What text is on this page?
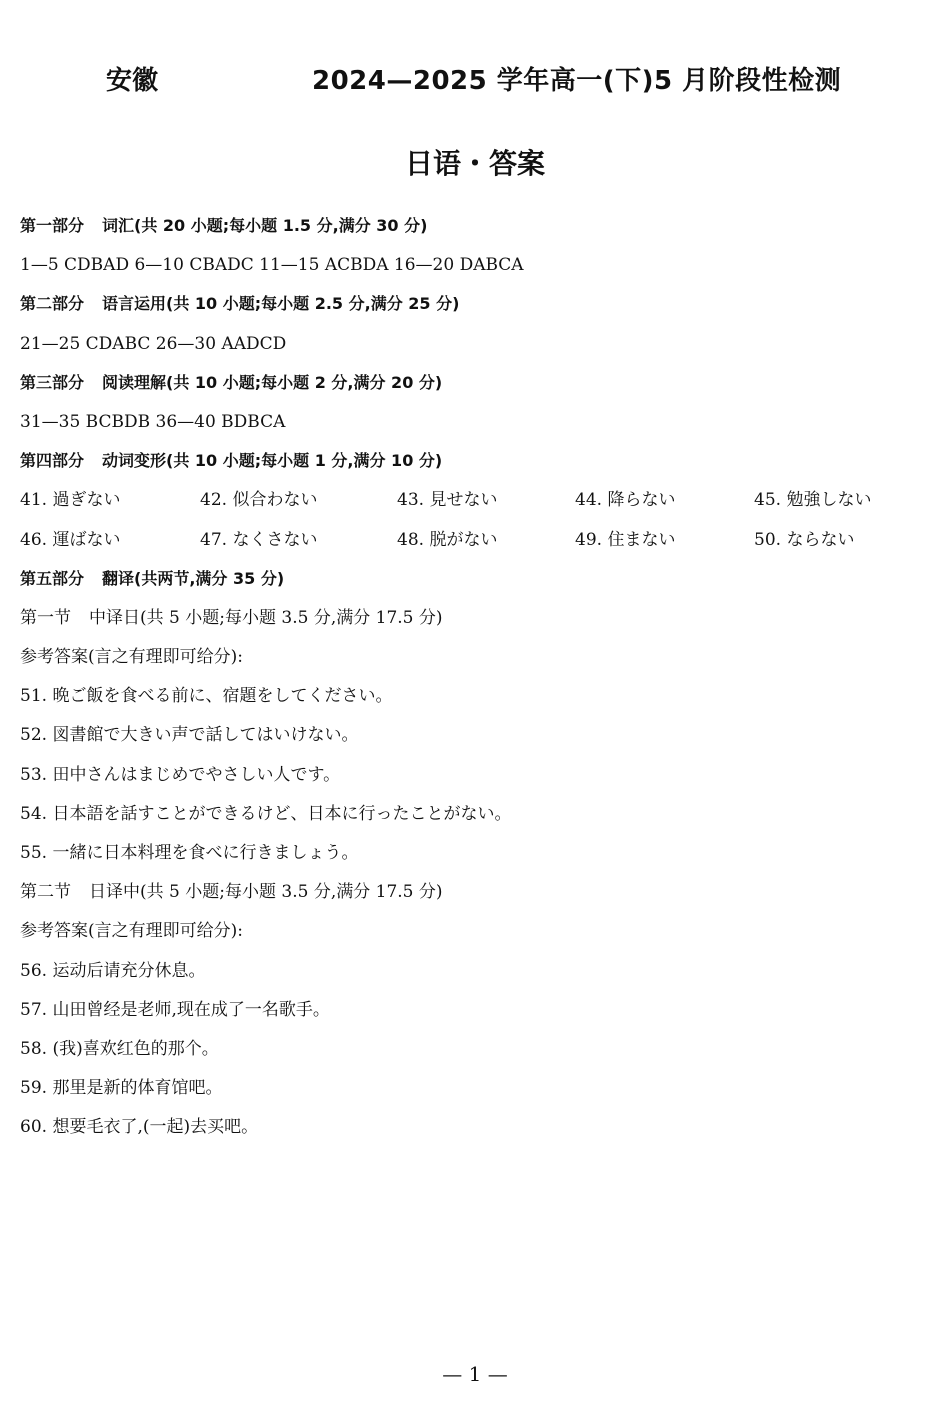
安徽	2024—2025 学年高一(下)5 月阶段性检测
日语・答案
第一部分 词汇(共 20 小题;每小题 1.5 分,满分 30 分)
1—5 CDBAD 6—10 CBADC 11—15 ACBDA 16—20 DABCA
第二部分 语言运用(共 10 小题;每小题 2.5 分,满分 25 分)
21—25 CDABC 26—30 AADCD
第三部分 阅读理解(共 10 小题;每小题 2 分,满分 20 分)
31—35 BCBDB 36—40 BDBCA
第四部分 动词变形(共 10 小题;每小题 1 分,满分 10 分)
41. 過ぎない	42. 似合わない	43. 見せない	44. 降らない	45. 勉強しない
46. 運ばない	47. なくさない	48. 脱がない	49. 住まない	50. ならない
第五部分 翻译(共两节,满分 35 分)
第一节 中译日(共 5 小题;每小题 3.5 分,满分 17.5 分)
参考答案(言之有理即可给分):
51. 晩ご飯を食べる前に、宿題をしてください。
52. 図書館で大きい声で話してはいけない。
53. 田中さんはまじめでやさしい人です。
54. 日本語を話すことができるけど、日本に行ったことがない。
55. 一緒に日本料理を食べに行きましょう。
第二节 日译中(共 5 小题;每小题 3.5 分,满分 17.5 分)
参考答案(言之有理即可给分):
56. 运动后请充分休息。
57. 山田曾经是老师,现在成了一名歌手。
58. (我)喜欢红色的那个。
59. 那里是新的体育馆吧。
60. 想要毛衣了,(一起)去买吧。
— 1 —
